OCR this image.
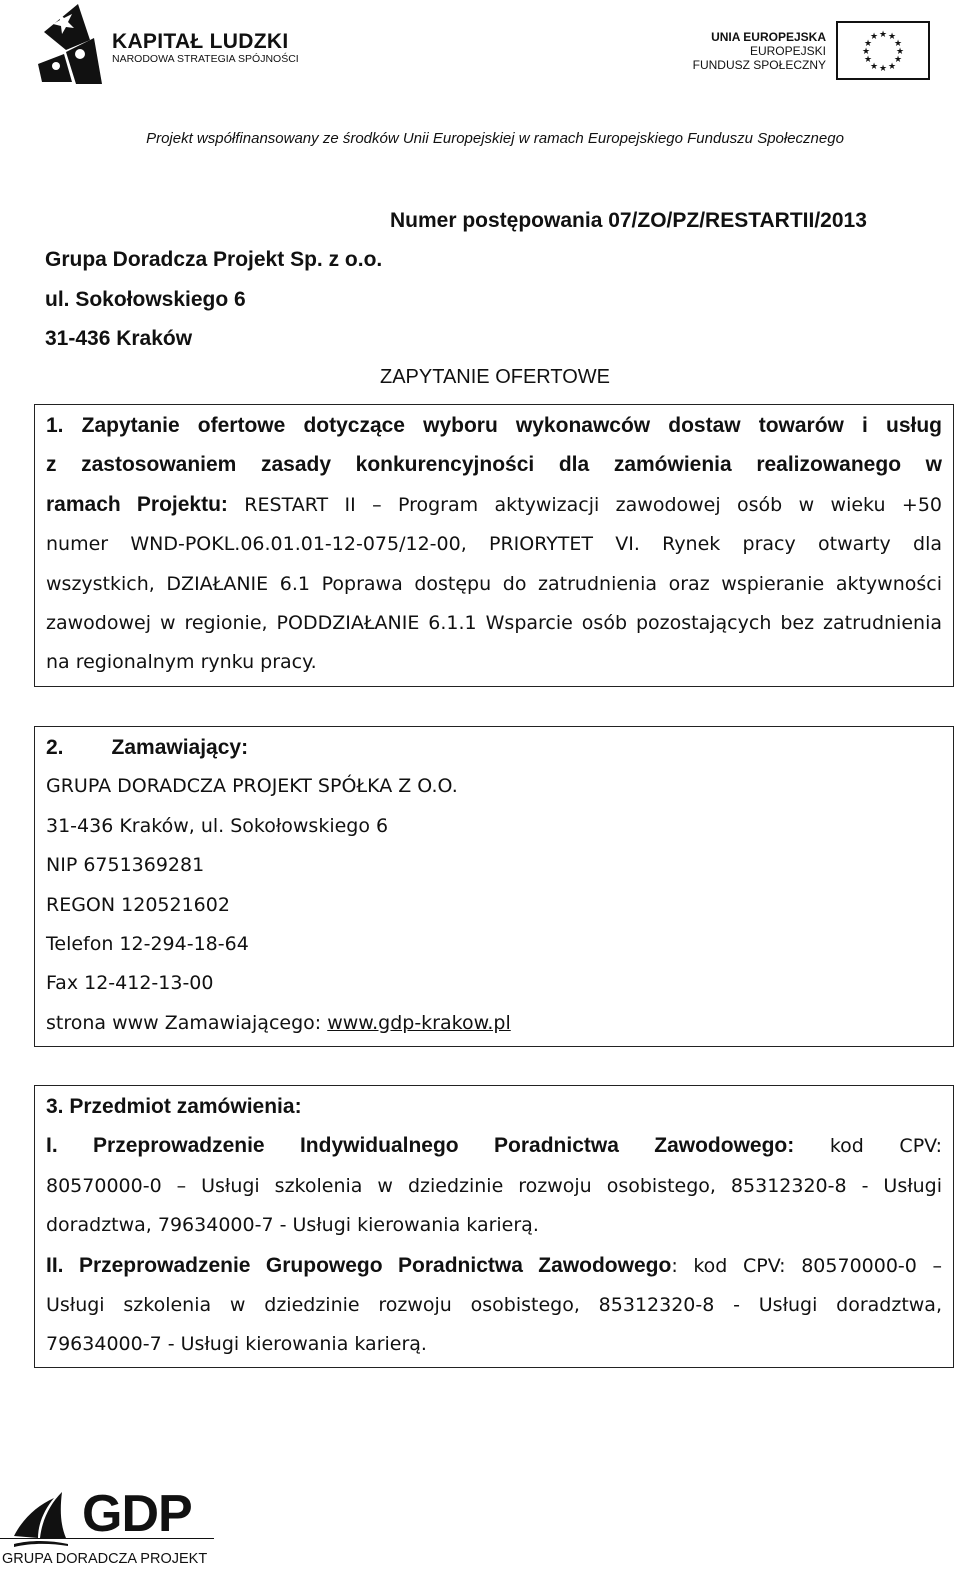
KAPITAŁ LUDZKI
NARODOWA STRATEGIA SPÓJNOŚCI
UNIA EUROPEJSKA
EUROPEJSKI
FUNDUSZ SPOŁECZNY
★ ★
★
★
★
★
★
★
★
★
★
★
Projekt współfinansowany ze środków Unii Europejskiej w ramach Europejskiego Funduszu Społecznego
Numer postępowania 07/ZO/PZ/RESTARTII/2013
Grupa Doradcza Projekt Sp. z o.o.
ul. Sokołowskiego 6
31-436 Kraków
ZAPYTANIE OFERTOWE
1. Zapytanie ofertowe dotyczące wyboru wykonawców dostaw towarów i usług
z zastosowaniem zasady konkurencyjności dla zamówienia realizowanego w
ramach Projektu: RESTART II – Program aktywizacji zawodowej osób w wieku +50
numer WND-POKL.06.01.01-12-075/12-00, PRIORYTET VI. Rynek pracy otwarty dla
wszystkich, DZIAŁANIE 6.1 Poprawa dostępu do zatrudnienia oraz wspieranie aktywności
zawodowej w regionie, PODDZIAŁANIE 6.1.1 Wsparcie osób pozostających bez zatrudnienia
na regionalnym rynku pracy.
2. Zamawiający:
GRUPA DORADCZA PROJEKT SPÓŁKA Z O.O.
31-436 Kraków, ul. Sokołowskiego 6
NIP 6751369281
REGON 120521602
Telefon 12-294-18-64
Fax 12-412-13-00
strona www Zamawiającego: www.gdp-krakow.pl
3. Przedmiot zamówienia:
I. Przeprowadzenie Indywidualnego Poradnictwa Zawodowego: kod CPV:
80570000-0 – Usługi szkolenia w dziedzinie rozwoju osobistego, 85312320-8 - Usługi
doradztwa, 79634000-7 - Usługi kierowania karierą.
II. Przeprowadzenie Grupowego Poradnictwa Zawodowego: kod CPV: 80570000-0 –
Usługi szkolenia w dziedzinie rozwoju osobistego, 85312320-8 - Usługi doradztwa,
79634000-7 - Usługi kierowania karierą.
GDP
GRUPA DORADCZA PROJEKT
